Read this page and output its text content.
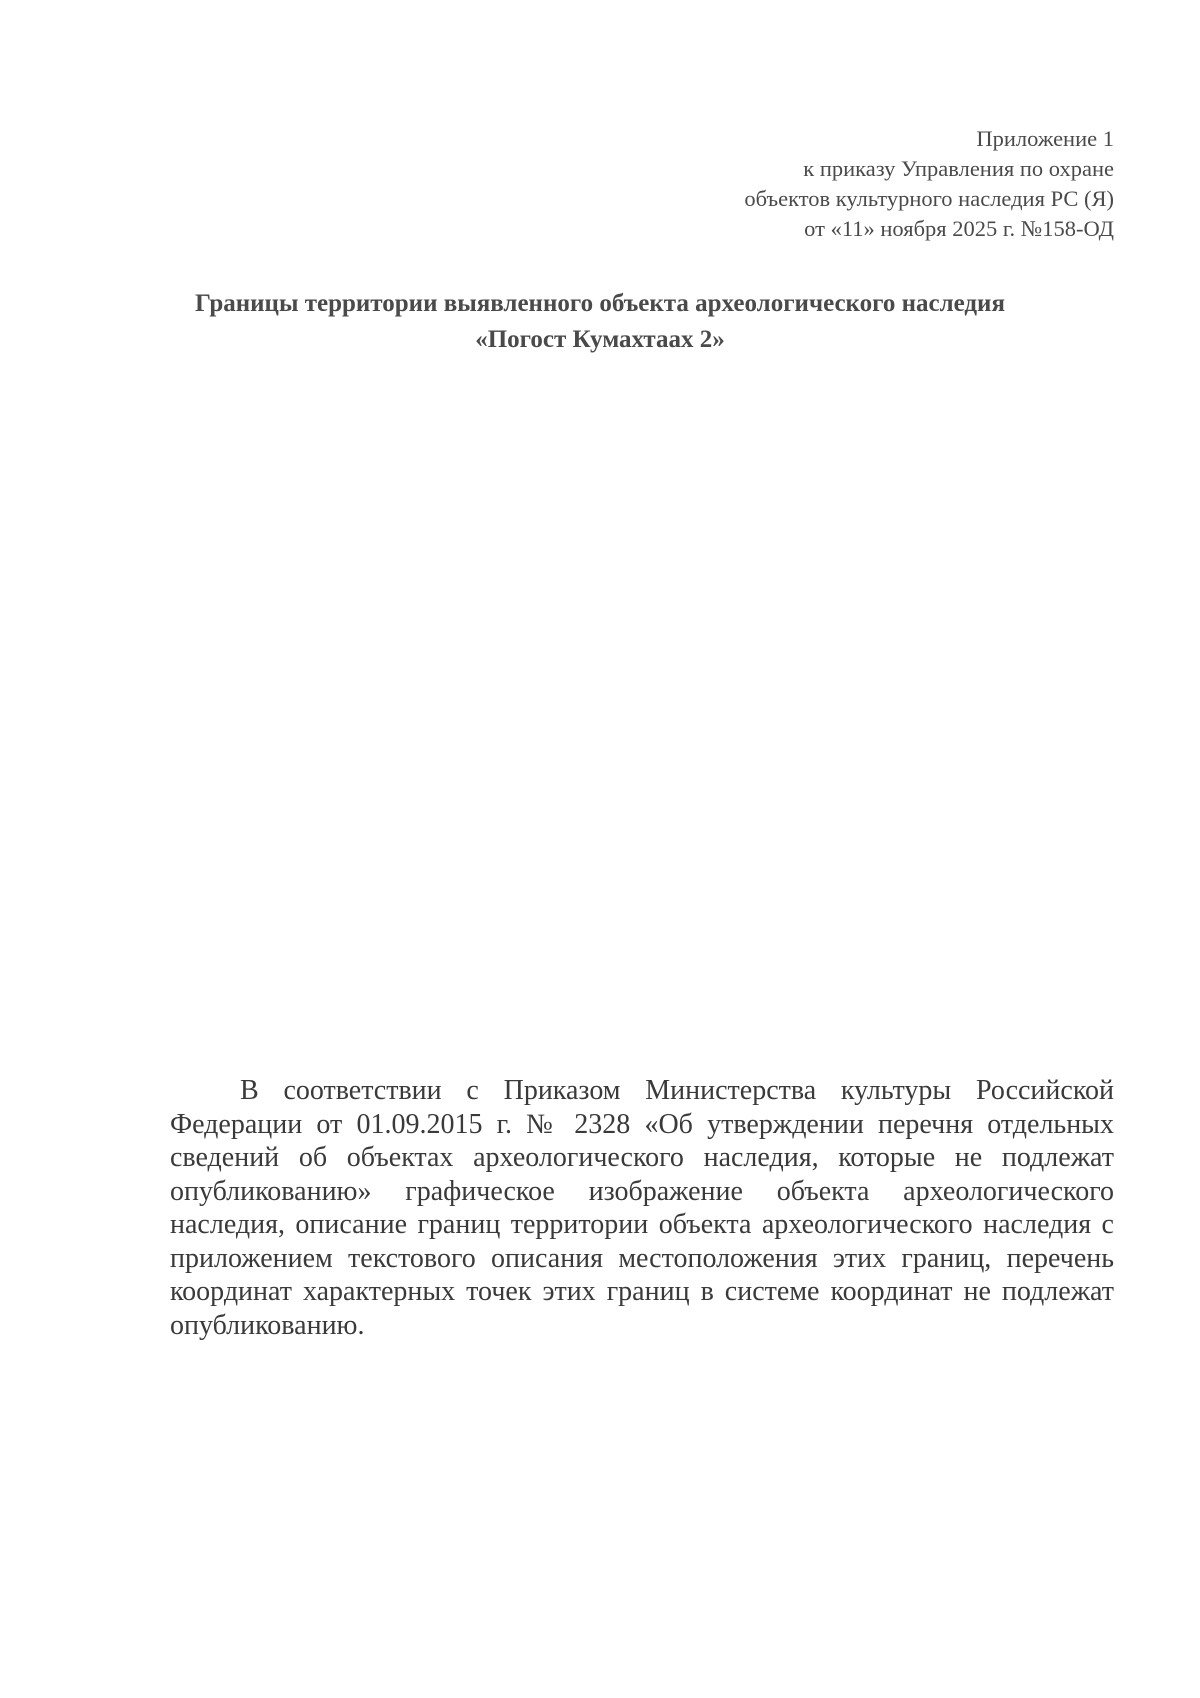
Приложение 1
к приказу Управления по охране
объектов культурного наследия РС (Я)
от «11» ноября 2025 г. №158-ОД
Границы территории выявленного объекта археологического наследия
«Погост Кумахтаах 2»
В соответствии с Приказом Министерства культуры Российской Федерации от 01.09.2015 г. № 2328 «Об утверждении перечня отдельных сведений об объектах археологического наследия, которые не подлежат опубликованию» графическое изображение объекта археологического наследия, описание границ территории объекта археологического наследия с приложением текстового описания местоположения этих границ, перечень координат характерных точек этих границ в системе координат не подлежат опубликованию.
